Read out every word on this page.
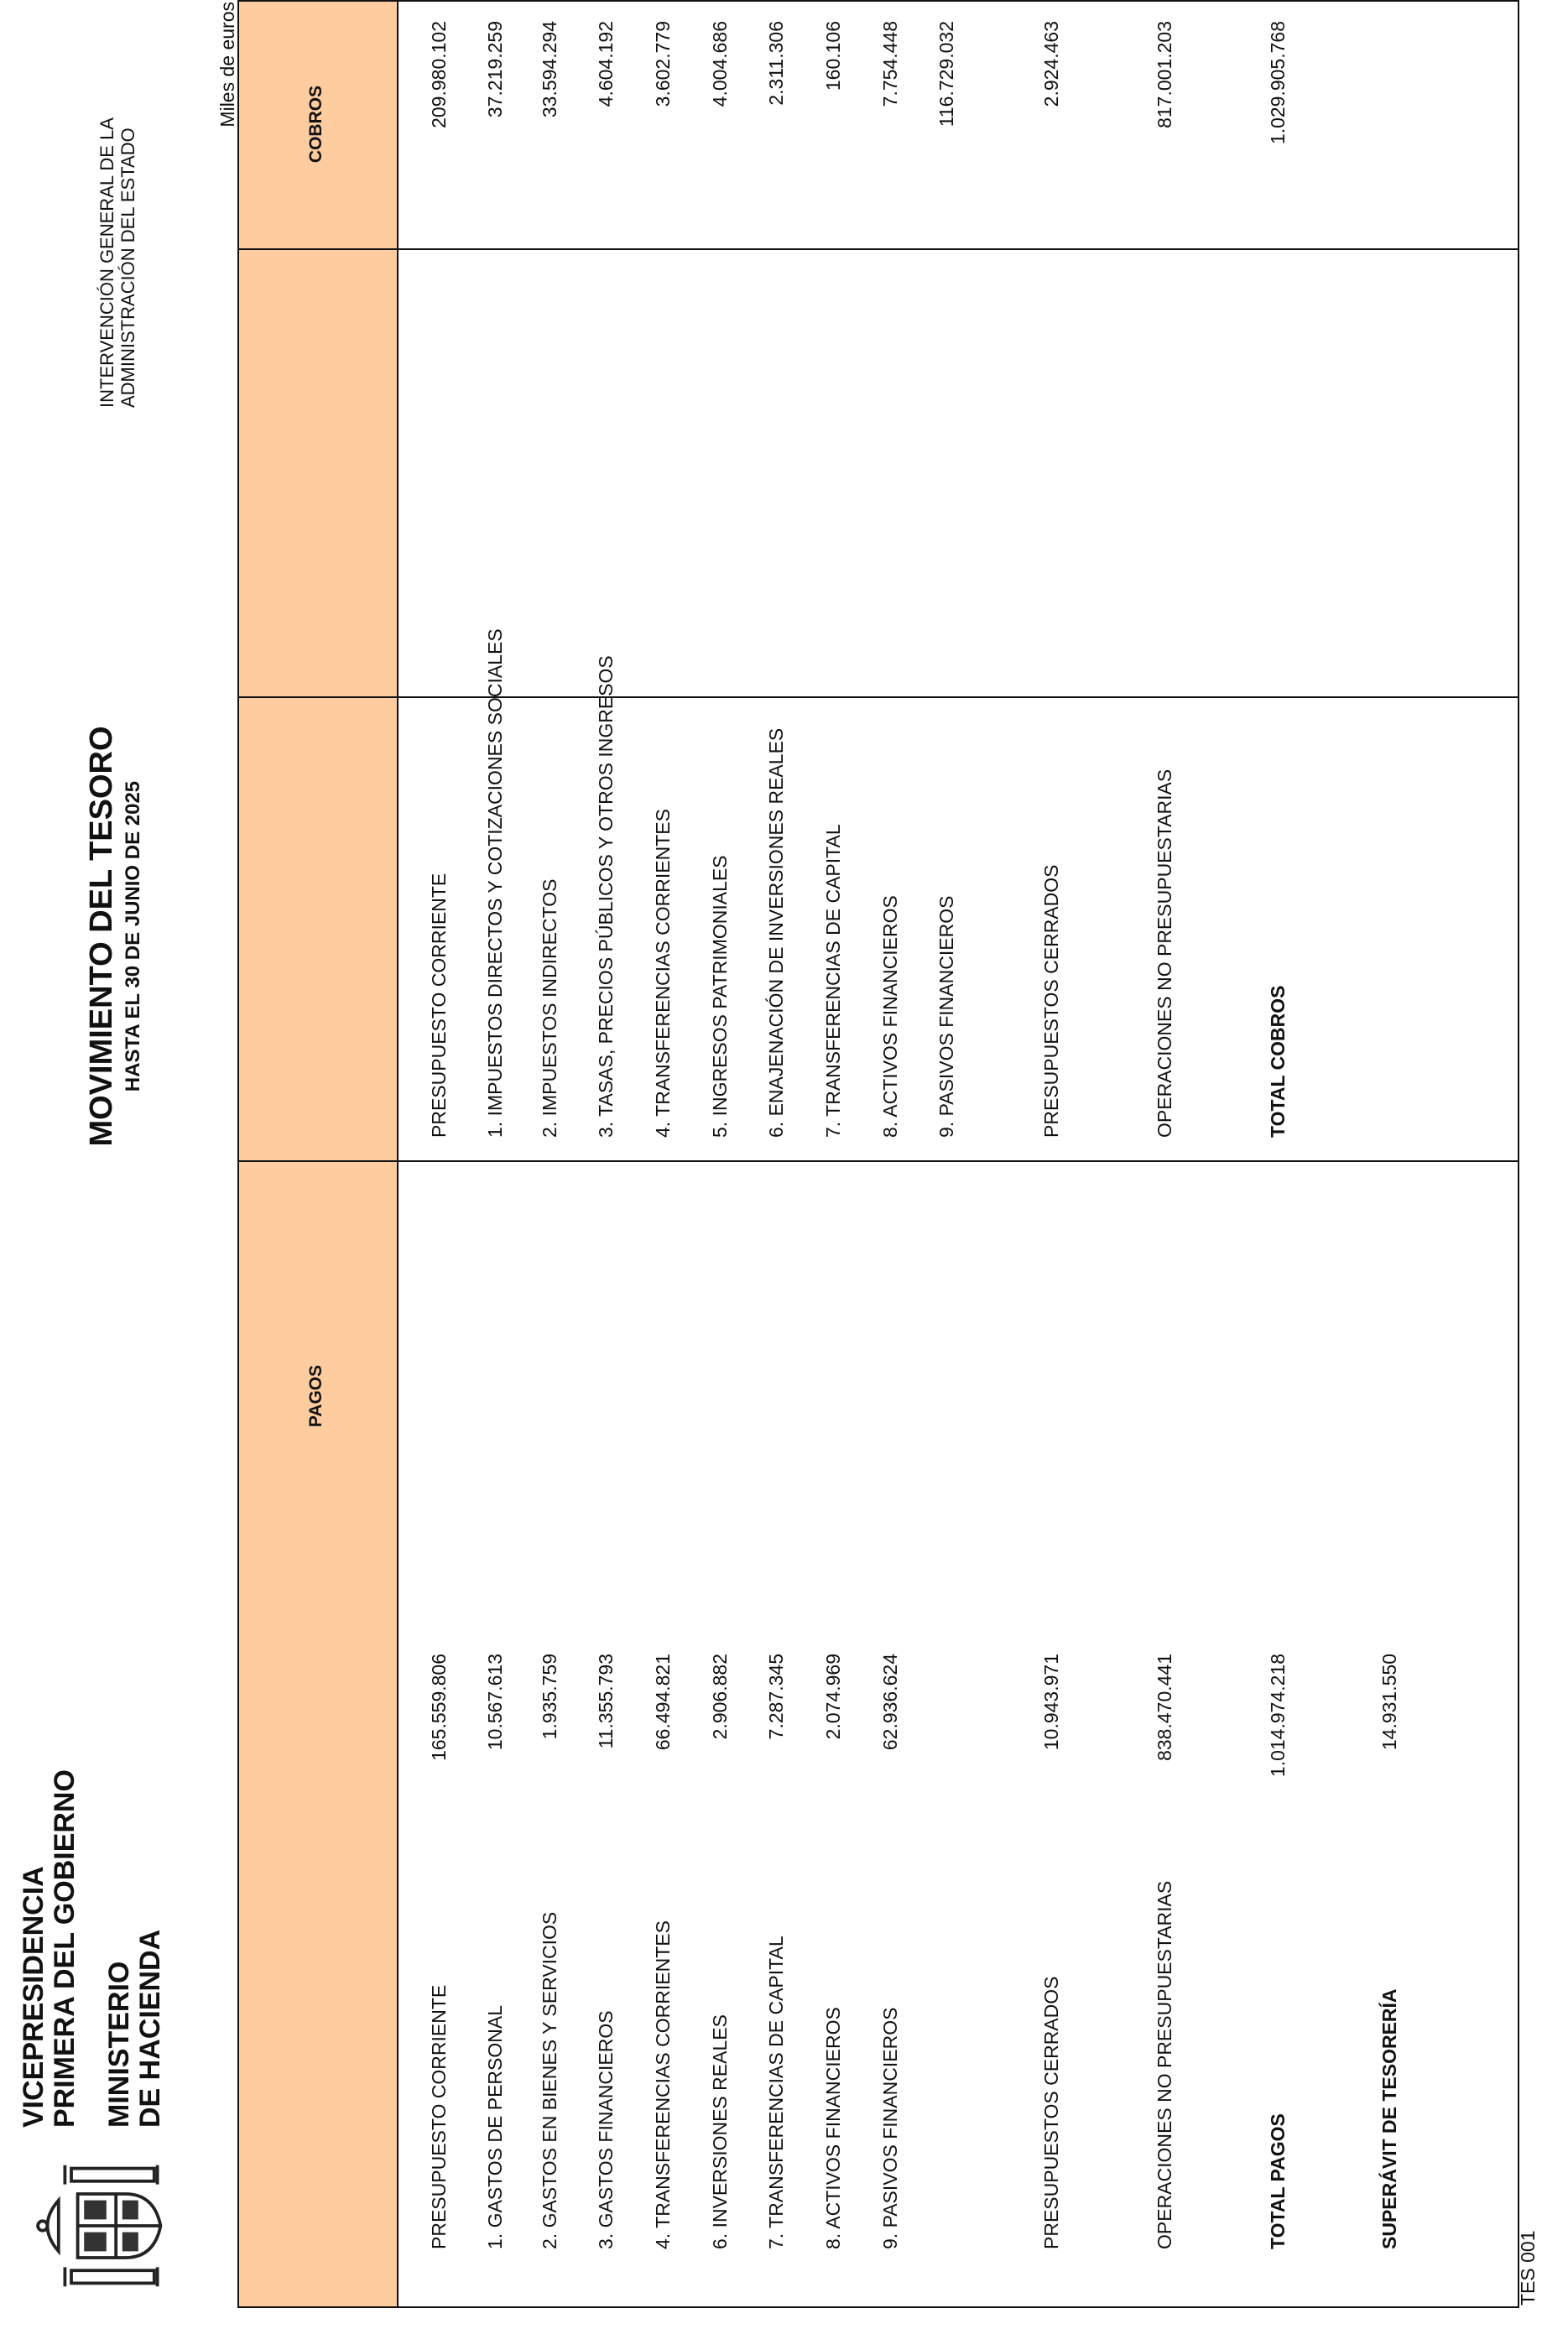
VICEPRESIDENCIA PRIMERA DEL GOBIERNO MINISTERIO DE HACIENDA
MOVIMIENTO DEL TESORO HASTA EL 30 DE JUNIO DE 2025
INTERVENCIÓN GENERAL DE LA ADMINISTRACIÓN DEL ESTADO
Miles de euros
PAGOS
COBROS
PRESUPUESTO CORRIENTE
165.559.806
1. GASTOS DE PERSONAL
10.567.613
2. GASTOS EN BIENES Y SERVICIOS
1.935.759
3. GASTOS FINANCIEROS
11.355.793
4. TRANSFERENCIAS CORRIENTES
66.494.821
6. INVERSIONES REALES
2.906.882
7. TRANSFERENCIAS DE CAPITAL
7.287.345
8. ACTIVOS FINANCIEROS
2.074.969
9. PASIVOS FINANCIEROS
62.936.624
PRESUPUESTOS CERRADOS
10.943.971
OPERACIONES NO PRESUPUESTARIAS
838.470.441
TOTAL PAGOS
1.014.974.218
SUPERÁVIT DE TESORERÍA
14.931.550
PRESUPUESTO CORRIENTE
209.980.102
1. IMPUESTOS DIRECTOS Y COTIZACIONES SOCIALES
37.219.259
2. IMPUESTOS INDIRECTOS
33.594.294
3. TASAS, PRECIOS PÚBLICOS Y OTROS INGRESOS
4.604.192
4. TRANSFERENCIAS CORRIENTES
3.602.779
5. INGRESOS PATRIMONIALES
4.004.686
6. ENAJENACIÓN DE INVERSIONES REALES
2.311.306
7. TRANSFERENCIAS DE CAPITAL
160.106
8. ACTIVOS FINANCIEROS
7.754.448
9. PASIVOS FINANCIEROS
116.729.032
PRESUPUESTOS CERRADOS
2.924.463
OPERACIONES NO PRESUPUESTARIAS
817.001.203
TOTAL COBROS
1.029.905.768
TES 001
